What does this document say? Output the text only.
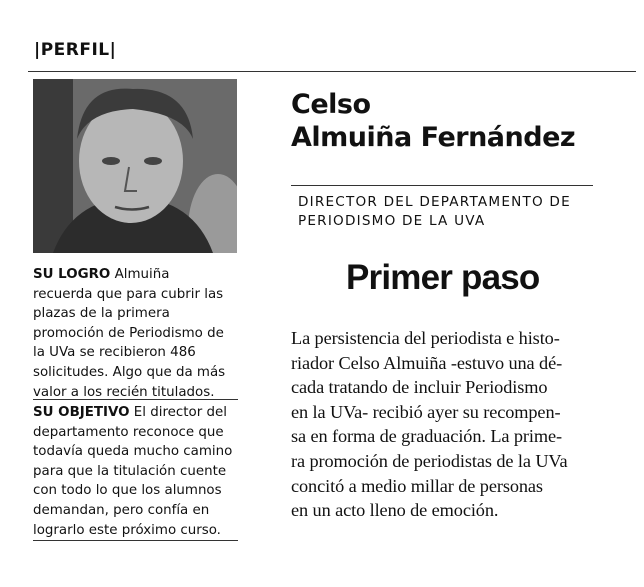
|PERFIL|
SU LOGRO Almuiña
recuerda que para cubrir las
plazas de la primera
promoción de Periodismo de
la UVa se recibieron 486
solicitudes. Algo que da más
valor a los recién titulados.
SU OBJETIVO El director del
departamento reconoce que
todavía queda mucho camino
para que la titulación cuente
con todo lo que los alumnos
demandan, pero confía en
lograrlo este próximo curso.
Celso
Almuiña Fernández
DIRECTOR DEL DEPARTAMENTO DE
PERIODISMO DE LA UVA
Primer paso
La persistencia del periodista e histo-
riador Celso Almuiña -estuvo una dé-
cada tratando de incluir Periodismo
en la UVa- recibió ayer su recompen-
sa en forma de graduación. La prime-
ra promoción de periodistas de la UVa
concitó a medio millar de personas
en un acto lleno de emoción.
